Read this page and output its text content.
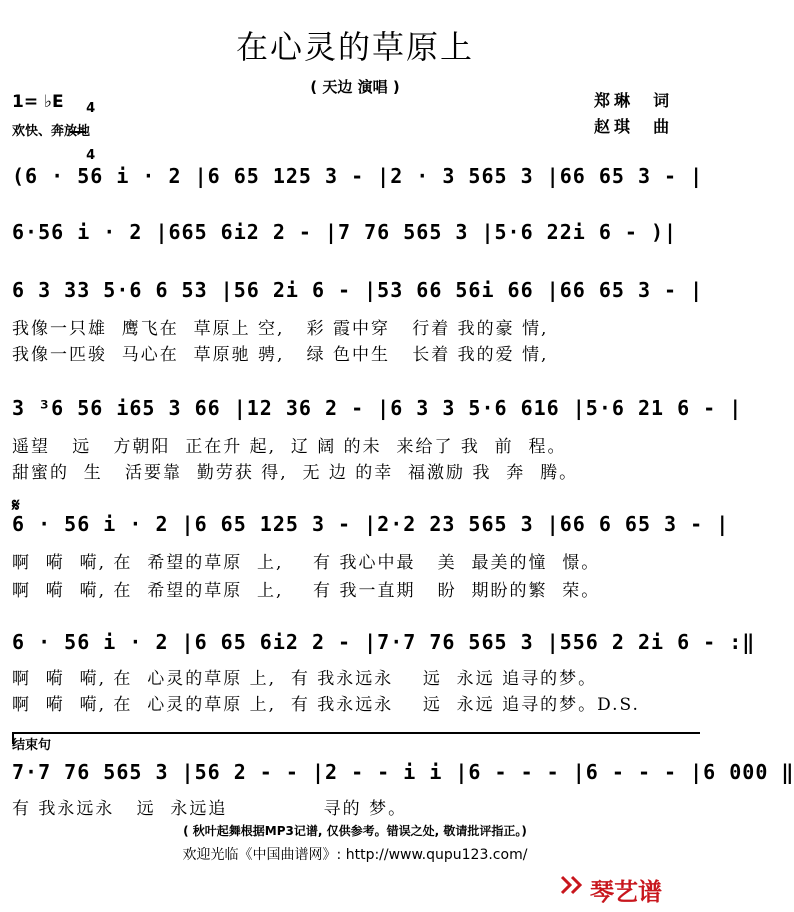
在心灵的草原上
( 天边 演唱 )
1= ♭E	4

4

欢快、奔放地
郑琳  词
赵琪  曲
(6 · 56 i · 2 |6 65 125 3 - |2 · 3 565 3 |66 65 3 - |
6·56 i · 2 |665 6i2 2 - |7 76 565 3 |5·6 22i 6 - )|
6 3 33 5·6 6 53 |56 2i 6 - |53 66 56i 66 |66 65 3 - |
我像一只雄  鹰飞在  草原上 空,   彩 霞中穿   行着 我的豪 情,
我像一匹骏  马心在  草原驰 骋,   绿 色中生   长着 我的爱 情,
3 ³6 56 i65 3 66 |12 36 2 - |6 3 3 5·6 616 |5·6 21 6 - |
遥望   远   方朝阳  正在升 起,  辽 阔 的未  来给了 我  前  程。
甜蜜的  生   活要靠  勤劳获 得,  无 边 的幸  福激励 我  奔  腾。
𝄋
6 · 56 i · 2 |6 65 125 3 - |2·2 23 565 3 |66 6 65 3 - |
啊  嗬  嗬, 在  希望的草原  上,    有 我心中最   美  最美的憧  憬。
啊  嗬  嗬, 在  希望的草原  上,    有 我一直期   盼  期盼的繁  荣。
6 · 56 i · 2 |6 65 6i2 2 - |7·7 76 565 3 |556 2 2i 6 - :‖
啊  嗬  嗬, 在  心灵的草原 上,  有 我永远永    远  永远 追寻的梦。
啊  嗬  嗬, 在  心灵的草原 上,  有 我永远永    远  永远 追寻的梦。D.S.
结束句
7·7 76 565 3 |56 2 - - |2 - - i i |6 - - - |6 - - - |6 000 ‖
有 我永远永   远  永远追             寻的 梦。
( 秋叶起舞根据MP3记谱, 仅供参考。错误之处, 敬请批评指正。)
欢迎光临《中国曲谱网》: http://www.qupu123.com/
琴艺谱
